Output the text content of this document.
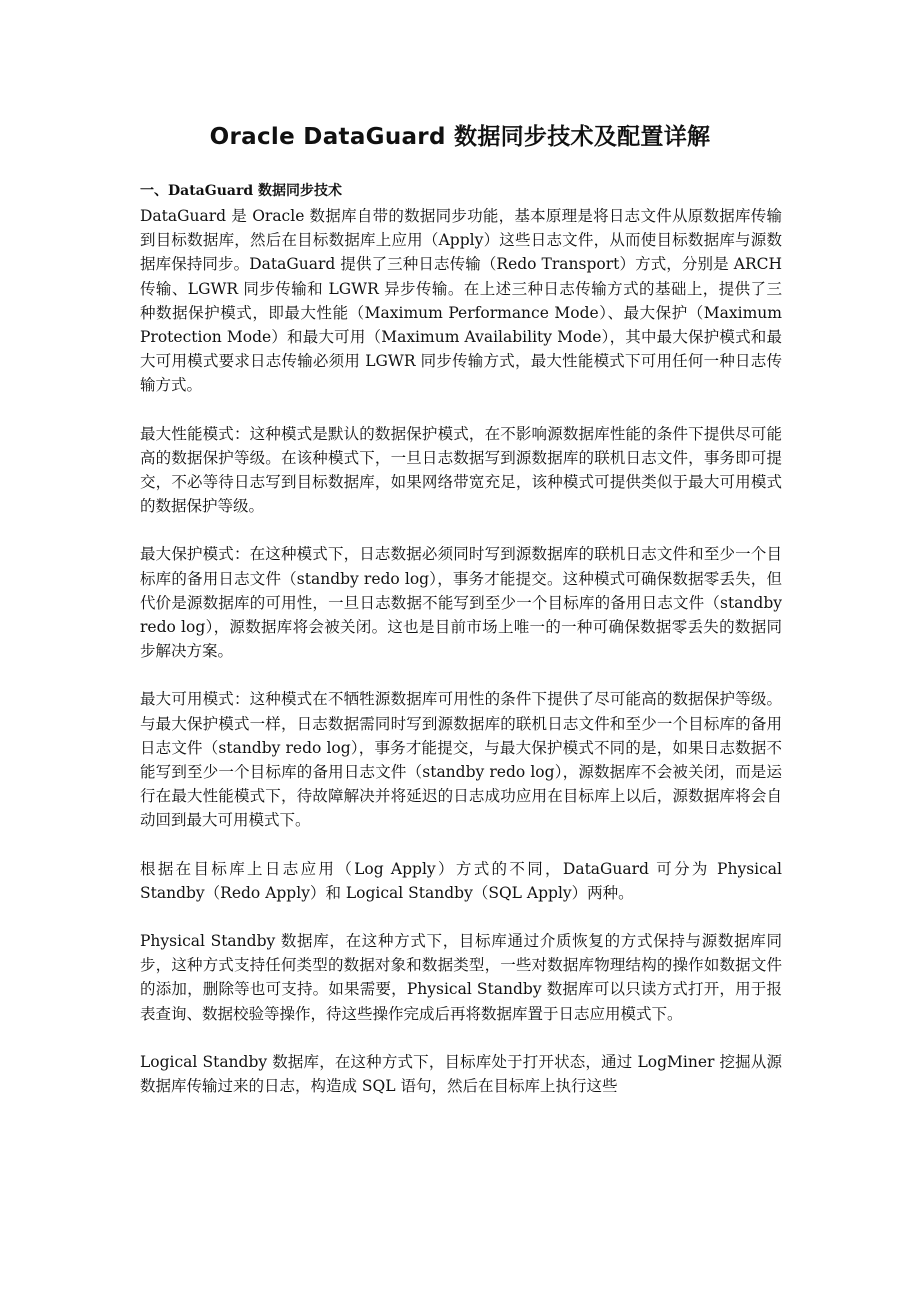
Oracle DataGuard 数据同步技术及配置详解
一、DataGuard 数据同步技术

DataGuard 是 Oracle 数据库自带的数据同步功能，基本原理是将日志文件从原数据库传输到目标数据库，然后在目标数据库上应用（Apply）这些日志文件，从而使目标数据库与源数据库保持同步。DataGuard 提供了三种日志传输（Redo Transport）方式，分别是 ARCH 传输、LGWR 同步传输和 LGWR 异步传输。在上述三种日志传输方式的基础上，提供了三种数据保护模式，即最大性能（Maximum Performance Mode）、最大保护（Maximum Protection Mode）和最大可用（Maximum Availability Mode），其中最大保护模式和最大可用模式要求日志传输必须用 LGWR 同步传输方式，最大性能模式下可用任何一种日志传输方式。

最大性能模式：这种模式是默认的数据保护模式，在不影响源数据库性能的条件下提供尽可能高的数据保护等级。在该种模式下，一旦日志数据写到源数据库的联机日志文件，事务即可提交，不必等待日志写到目标数据库，如果网络带宽充足，该种模式可提供类似于最大可用模式的数据保护等级。

最大保护模式：在这种模式下，日志数据必须同时写到源数据库的联机日志文件和至少一个目标库的备用日志文件（standby redo log），事务才能提交。这种模式可确保数据零丢失，但代价是源数据库的可用性，一旦日志数据不能写到至少一个目标库的备用日志文件（standby redo log），源数据库将会被关闭。这也是目前市场上唯一的一种可确保数据零丢失的数据同步解决方案。

最大可用模式：这种模式在不牺牲源数据库可用性的条件下提供了尽可能高的数据保护等级。与最大保护模式一样，日志数据需同时写到源数据库的联机日志文件和至少一个目标库的备用日志文件（standby redo log），事务才能提交，与最大保护模式不同的是，如果日志数据不能写到至少一个目标库的备用日志文件（standby redo log），源数据库不会被关闭，而是运行在最大性能模式下，待故障解决并将延迟的日志成功应用在目标库上以后，源数据库将会自动回到最大可用模式下。

根据在目标库上日志应用（Log Apply）方式的不同，DataGuard 可分为 Physical Standby（Redo Apply）和 Logical Standby（SQL Apply）两种。

Physical Standby 数据库，在这种方式下，目标库通过介质恢复的方式保持与源数据库同步，这种方式支持任何类型的数据对象和数据类型，一些对数据库物理结构的操作如数据文件的添加，删除等也可支持。如果需要，Physical Standby 数据库可以只读方式打开，用于报表查询、数据校验等操作，待这些操作完成后再将数据库置于日志应用模式下。

Logical Standby 数据库，在这种方式下，目标库处于打开状态，通过 LogMiner 挖掘从源数据库传输过来的日志，构造成 SQL 语句，然后在目标库上执行这些
